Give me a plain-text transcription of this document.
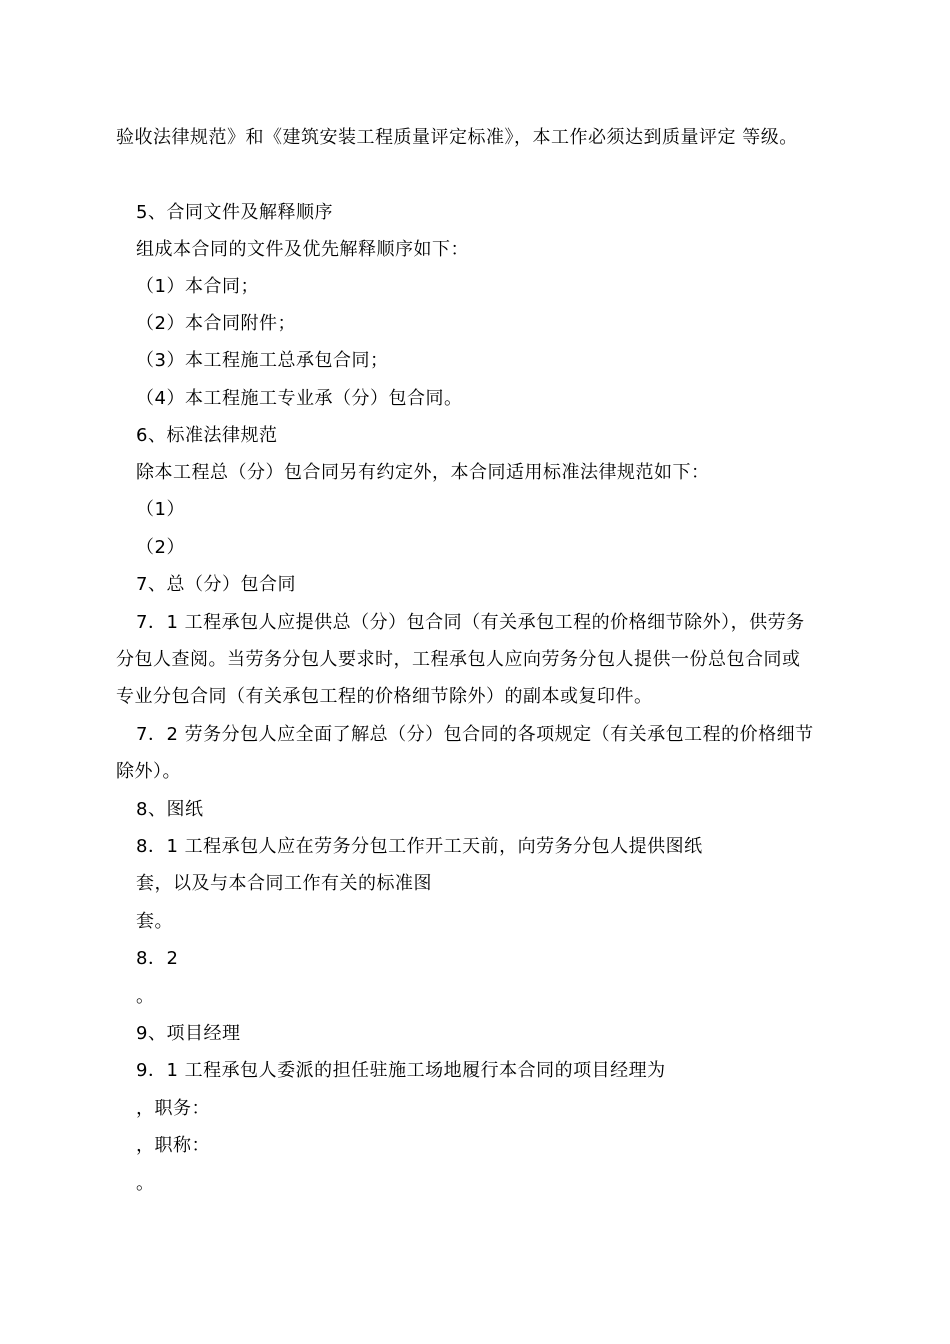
验收法律规范》和《建筑安装工程质量评定标准》，本工作必须达到质量评定 等级。
5、合同文件及解释顺序
组成本合同的文件及优先解释顺序如下：
（1）本合同；
（2）本合同附件；
（3）本工程施工总承包合同；
（4）本工程施工专业承（分）包合同。
6、标准法律规范
除本工程总（分）包合同另有约定外，本合同适用标准法律规范如下：
（1）
（2）
7、总（分）包合同
7．1 工程承包人应提供总（分）包合同（有关承包工程的价格细节除外），供劳务
分包人查阅。当劳务分包人要求时，工程承包人应向劳务分包人提供一份总包合同或
专业分包合同（有关承包工程的价格细节除外）的副本或复印件。
7．2 劳务分包人应全面了解总（分）包合同的各项规定（有关承包工程的价格细节
除外）。
8、图纸
8．1 工程承包人应在劳务分包工作开工天前，向劳务分包人提供图纸
套，以及与本合同工作有关的标准图
套。
8．2
。
9、项目经理
9．1 工程承包人委派的担任驻施工场地履行本合同的项目经理为
，职务：
，职称：
。
